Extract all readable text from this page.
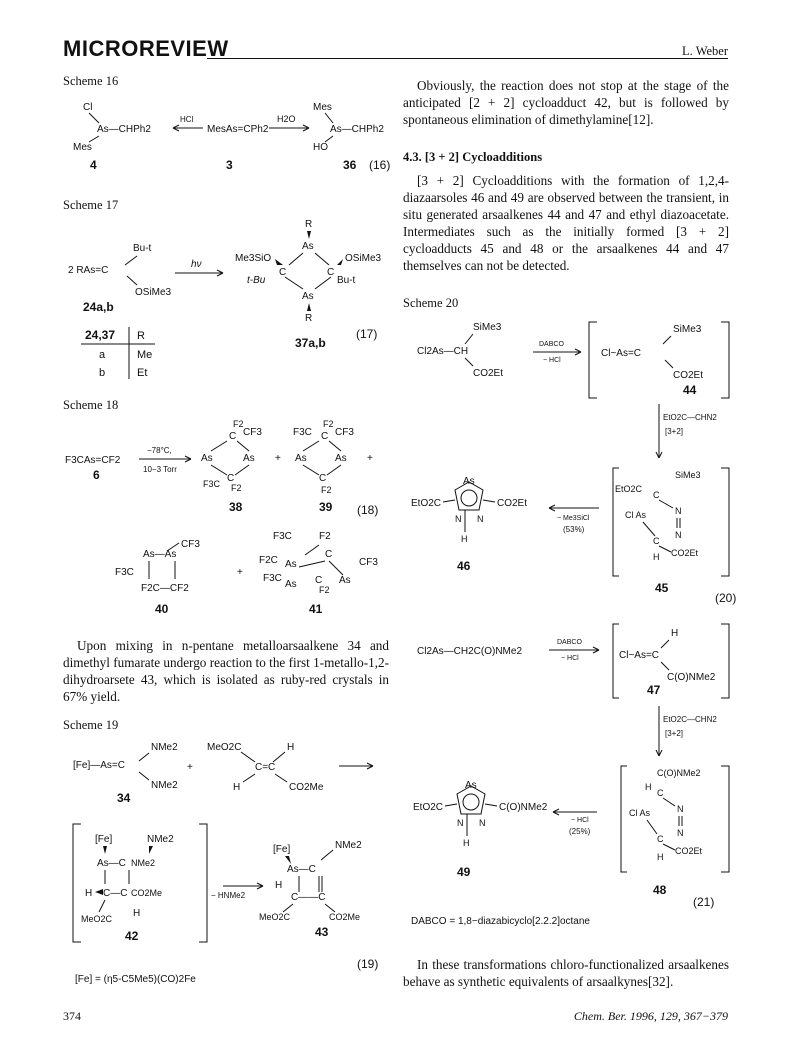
MICROREVIEW	L. Weber
Scheme 16
Cl
As—CHPh2
Mes
4
HCl
MesAs=CPh2
3
H2O
Mes
As—CHPh2
HO
36 (16)
Scheme 17
Bu-t
2 RAs=C
OSiMe3
24a,b
hν
R
As
Me3SiO
C	C
OSiMe3
t-Bu	Bu-t
As
R
37a,b
24,37 R
a	Me
b	Et
(17)
Scheme 18
F3CAs=CF2
6
−78°C,
10−3 Torr
F2
C CF3
As	As
C
F3C F2
38
+
F2
F3C C CF3
As	As
C
F2
39
+
CF3
As—As
F3C
F2C—CF2
40
+
F3C	F2
F2C As
C
CF3
F3C
As C As
F2
41
(18)

Upon mixing in n-pentane metalloarsaalkene 34 and dimethyl fumarate undergo reaction to the first 1-metallo-1,2-dihydroarsete 43, which is isolated as ruby-red crystals in 67% yield.

Scheme 19
NMe2
[Fe]—As=C
NMe2
34
+
MeO2C	H
C=C
H	CO2Me
[Fe]	NMe2
As—C NMe2
H C—C CO2Me
MeO2C H
42
− HNMe2
[Fe]
As—C
NMe2
H
C——C
MeO2C	CO2Me
43
[Fe] = (η5-C5Me5)(CO)2Fe
(19)

Obviously, the reaction does not stop at the stage of the anticipated [2 + 2] cycloadduct 42, but is followed by spontaneous elimination of dimethylamine[12].

4.3. [3 + 2] Cycloadditions

[3 + 2] Cycloadditions with the formation of 1,2,4-diazaarsoles 46 and 49 are observed between the transient, in situ generated arsaalkenes 44 and 47 and ethyl diazoacetate. Intermediates such as the initially formed [3 + 2] cycloadducts 45 and 48 or the arsaalkenes 44 and 47 themselves can not be detected.

Scheme 20
SiMe3
Cl2As—CH
CO2Et
DABCO
− HCl
SiMe3
Cl~As=C
CO2Et
44
EtO2C—CHN2
[3+2]
SiMe3
EtO2C
C
N
Cl As
N
C
CO2Et
H
45
− Me3SiCl
(53%)
As
EtO2C	CO2Et
N N
H
46
(20)
Cl2As—CH2C(O)NMe2
DABCO
− HCl
H
Cl~As=C
C(O)NMe2
47
EtO2C—CHN2
[3+2]
C(O)NMe2
H
C
N
Cl As
N
C
CO2Et
H
48
− HCl
(25%)
As
EtO2C	C(O)NMe2
N N
H
49
(21)
DABCO = 1,8−diazabicyclo[2.2.2]octane

In these transformations chloro-functionalized arsaalkenes behave as synthetic equivalents of arsaalkynes[32].

374	Chem. Ber. 1996, 129, 367−379
